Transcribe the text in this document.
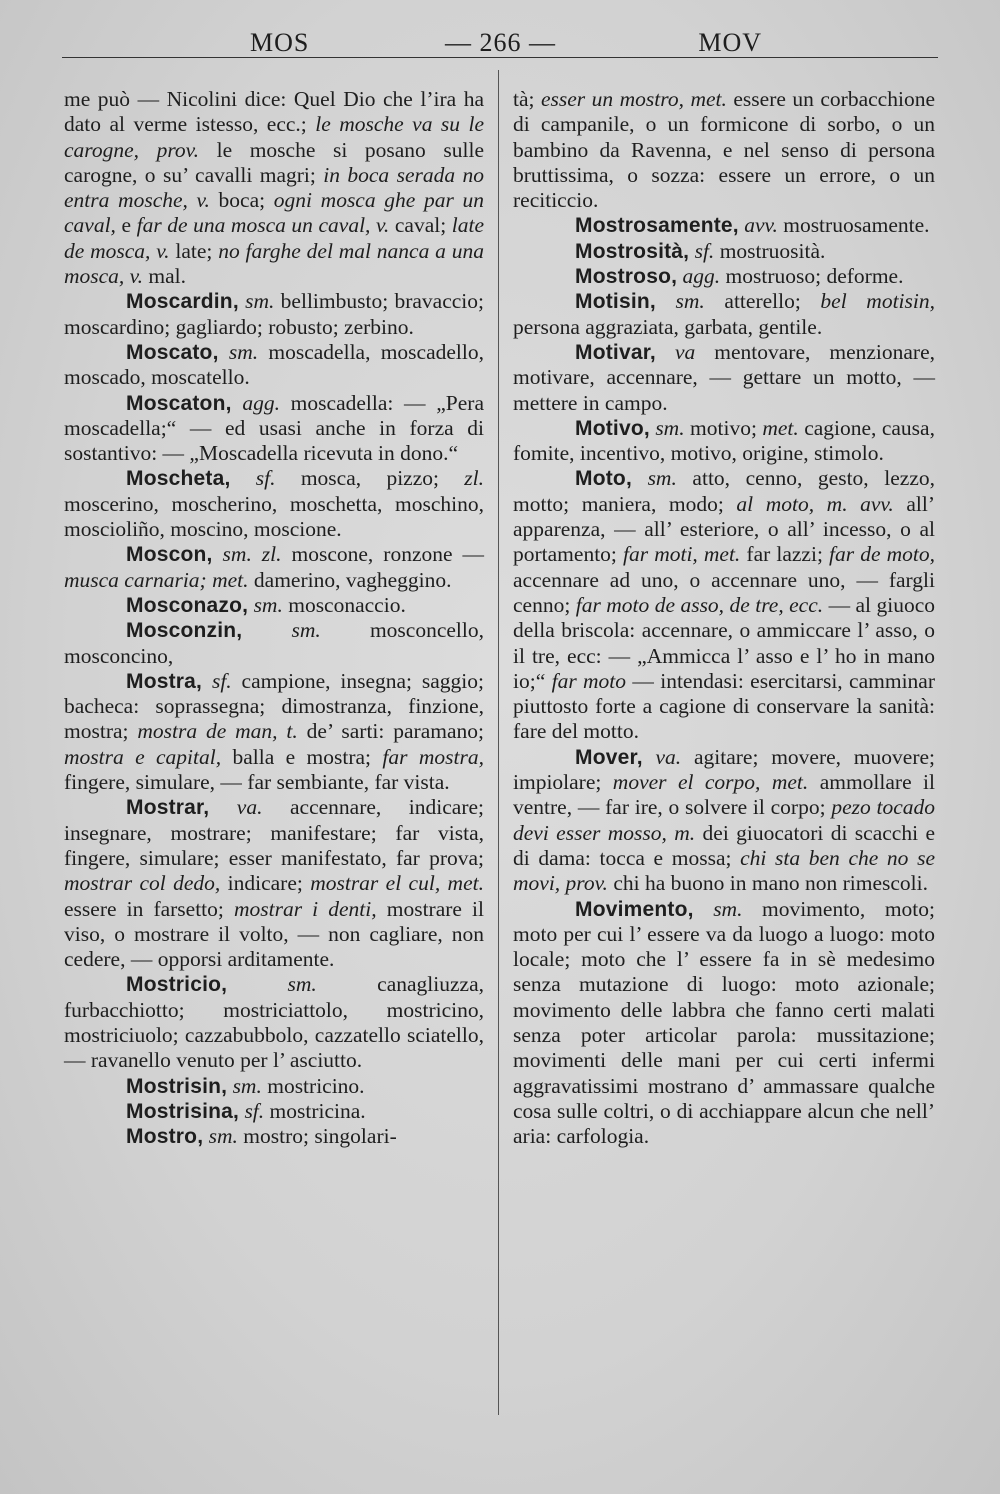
MOS	— 266 —	MOV

me può — Nicolini dice: Quel Dio che l’ira ha dato al verme istesso, ecc.; le mosche va su le carogne, prov. le mosche si posano sulle carogne, o su’ cavalli magri; in boca serada no entra mosche, v. boca; ogni mosca ghe par un caval, e far de una mosca un caval, v. caval; late de mosca, v. late; no farghe del mal nanca a una mosca, v. mal.

Moscardin, sm. bellimbusto; bravaccio; moscardino; gagliardo; robusto; zerbino.

Moscato, sm. moscadella, moscadello, moscado, moscatello.

Moscaton, agg. moscadella: — „Pera moscadella;“ — ed usasi anche in forza di sostantivo: — „Moscadella ricevuta in dono.“

Moscheta, sf. mosca, pizzo; zl. moscerino, moscherino, moschetta, moschino, moscioliño, moscino, moscione.

Moscon, sm. zl. moscone, ronzone — musca carnaria; met. damerino, vagheggino.

Mosconazo, sm. mosconaccio.

Mosconzin, sm. mosconcello, mosconcino,

Mostra, sf. campione, insegna; saggio; bacheca: soprassegna; dimostranza, finzione, mostra; mostra de man, t. de’ sarti: paramano; mostra e capital, balla e mostra; far mostra, fingere, simulare, — far sembiante, far vista.

Mostrar, va. accennare, indicare; insegnare, mostrare; manifestare; far vista, fingere, simulare; esser manifestato, far prova; mostrar col dedo, indicare; mostrar el cul, met. essere in farsetto; mostrar i denti, mostrare il viso, o mostrare il volto, — non cagliare, non cedere, — opporsi arditamente.

Mostricio, sm. canagliuzza, furbacchiotto; mostriciattolo, mostricino, mostriciuolo; cazzabubbolo, cazzatello sciatello, — ravanello venuto per l’ asciutto.

Mostrisin, sm. mostricino.

Mostrisina, sf. mostricina.

Mostro, sm. mostro; singolari-

tà; esser un mostro, met. essere un corbacchione di campanile, o un formicone di sorbo, o un bambino da Ravenna, e nel senso di persona bruttissima, o sozza: essere un errore, o un reciticcio.

Mostrosamente, avv. mostruosamente.

Mostrosità, sf. mostruosità.

Mostroso, agg. mostruoso; deforme.

Motisin, sm. atterello; bel motisin, persona aggraziata, garbata, gentile.

Motivar, va mentovare, menzionare, motivare, accennare, — gettare un motto, — mettere in campo.

Motivo, sm. motivo; met. cagione, causa, fomite, incentivo, motivo, origine, stimolo.

Moto, sm. atto, cenno, gesto, lezzo, motto; maniera, modo; al moto, m. avv. all’ apparenza, — all’ esteriore, o all’ incesso, o al portamento; far moti, met. far lazzi; far de moto, accennare ad uno, o accennare uno, — fargli cenno; far moto de asso, de tre, ecc. — al giuoco della briscola: accennare, o ammiccare l’ asso, o il tre, ecc: — „Ammicca l’ asso e l’ ho in mano io;“ far moto — intendasi: esercitarsi, camminar piuttosto forte a cagione di conservare la sanità: fare del motto.

Mover, va. agitare; movere, muovere; impiolare; mover el corpo, met. ammollare il ventre, — far ire, o solvere il corpo; pezo tocado devi esser mosso, m. dei giuocatori di scacchi e di dama: tocca e mossa; chi sta ben che no se movi, prov. chi ha buono in mano non rimescoli.

Movimento, sm. movimento, moto; moto per cui l’ essere va da luogo a luogo: moto locale; moto che l’ essere fa in sè medesimo senza mutazione di luogo: moto azionale; movimento delle labbra che fanno certi malati senza poter articolar parola: mussitazione; movimenti delle mani per cui certi infermi aggravatissimi mostrano d’ ammassare qualche cosa sulle coltri, o di acchiappare alcun che nell’ aria: carfologia.
